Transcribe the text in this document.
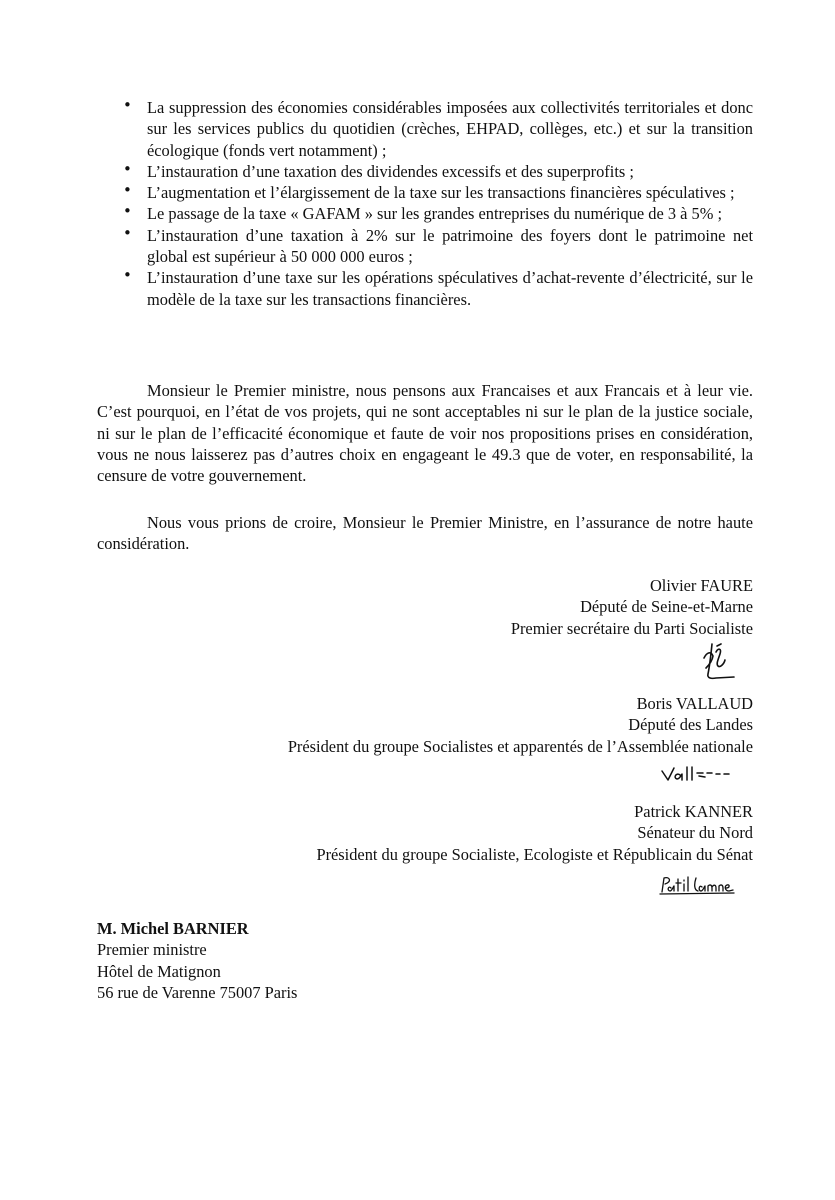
• La suppression des économies considérables imposées aux collectivités territoriales et donc sur les services publics du quotidien (crèches, EHPAD, collèges, etc.) et sur la transition écologique (fonds vert notamment) ;
• L’instauration d’une taxation des dividendes excessifs et des superprofits ;
• L’augmentation et l’élargissement de la taxe sur les transactions financières spéculatives ;
• Le passage de la taxe « GAFAM » sur les grandes entreprises du numérique de 3 à 5% ;
• L’instauration d’une taxation à 2% sur le patrimoine des foyers dont le patrimoine net global est supérieur à 50 000 000 euros ;
• L’instauration d’une taxe sur les opérations spéculatives d’achat-revente d’électricité, sur le modèle de la taxe sur les transactions financières.

Monsieur le Premier ministre, nous pensons aux Francaises et aux Francais et à leur vie. C’est pourquoi, en l’état de vos projets, qui ne sont acceptables ni sur le plan de la justice sociale, ni sur le plan de l’efficacité économique et faute de voir nos propositions prises en considération, vous ne nous laisserez pas d’autres choix en engageant le 49.3 que de voter, en responsabilité, la censure de votre gouvernement.

Nous vous prions de croire, Monsieur le Premier Ministre, en l’assurance de notre haute considération.

Olivier FAURE
Député de Seine-et-Marne
Premier secrétaire du Parti Socialiste
Boris VALLAUD
Député des Landes
Président du groupe Socialistes et apparentés de l’Assemblée nationale
Patrick KANNER
Sénateur du Nord
Président du groupe Socialiste, Ecologiste et Républicain du Sénat
M. Michel BARNIER
Premier ministre
Hôtel de Matignon
56 rue de Varenne 75007 Paris
